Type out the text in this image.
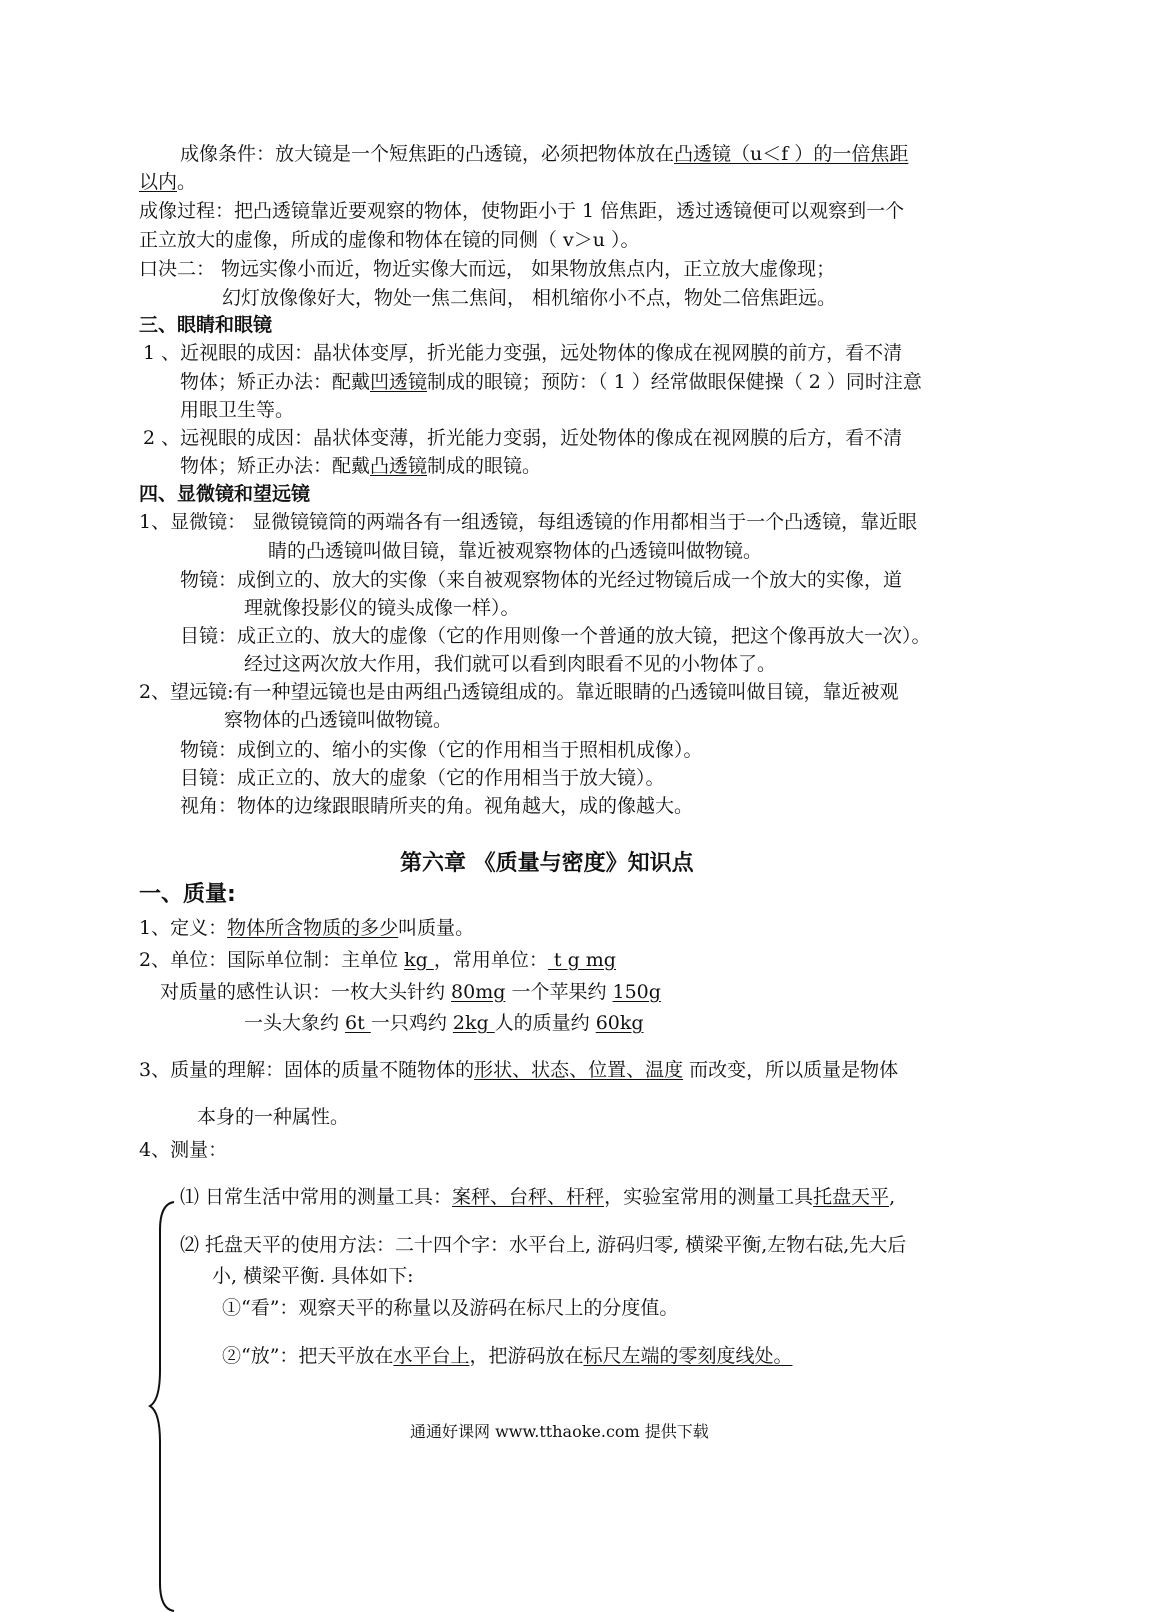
成像条件：放大镜是一个短焦距的凸透镜，必须把物体放在凸透镜（u＜f ）的一倍焦距
以内。
成像过程：把凸透镜靠近要观察的物体，使物距小于 1 倍焦距，透过透镜便可以观察到一个
正立放大的虚像，所成的虚像和物体在镜的同侧（ v＞u ）。
口决二： 物远实像小而近，物近实像大而远， 如果物放焦点内，正立放大虚像现；
幻灯放像像好大，物处一焦二焦间， 相机缩你小不点，物处二倍焦距远。
三、眼睛和眼镜
1 、近视眼的成因：晶状体变厚，折光能力变强，远处物体的像成在视网膜的前方，看不清
物体；矫正办法：配戴凹透镜制成的眼镜；预防：（ 1 ）经常做眼保健操（ 2 ）同时注意
用眼卫生等。
2 、远视眼的成因：晶状体变薄，折光能力变弱，近处物体的像成在视网膜的后方，看不清
物体；矫正办法：配戴凸透镜制成的眼镜。
四、显微镜和望远镜
1、显微镜： 显微镜镜筒的两端各有一组透镜，每组透镜的作用都相当于一个凸透镜，靠近眼
睛的凸透镜叫做目镜，靠近被观察物体的凸透镜叫做物镜。
物镜：成倒立的、放大的实像（来自被观察物体的光经过物镜后成一个放大的实像，道
理就像投影仪的镜头成像一样）。
目镜：成正立的、放大的虚像（它的作用则像一个普通的放大镜，把这个像再放大一次）。
经过这两次放大作用，我们就可以看到肉眼看不见的小物体了。
2、望远镜:有一种望远镜也是由两组凸透镜组成的。靠近眼睛的凸透镜叫做目镜，靠近被观
察物体的凸透镜叫做物镜。
物镜：成倒立的、缩小的实像（它的作用相当于照相机成像）。
目镜：成正立的、放大的虚象（它的作用相当于放大镜）。
视角：物体的边缘跟眼睛所夹的角。视角越大，成的像越大。
第六章 《质量与密度》知识点
一、质量:
1、定义：物体所含物质的多少叫质量。
2、单位：国际单位制：主单位 kg ，常用单位： t g mg
对质量的感性认识：一枚大头针约 80mg 一个苹果约 150g
一头大象约 6t 一只鸡约 2kg 人的质量约 60kg
3、质量的理解：固体的质量不随物体的形状、状态、位置、温度 而改变，所以质量是物体
本身的一种属性。
4、测量：
⑴ 日常生活中常用的测量工具：案秤、台秤、杆秤，实验室常用的测量工具托盘天平,
⑵ 托盘天平的使用方法：二十四个字：水平台上, 游码归零, 横梁平衡,左物右砝,先大后
小, 横梁平衡. 具体如下:
①“看”：观察天平的称量以及游码在标尺上的分度值。
②“放”：把天平放在水平台上，把游码放在标尺左端的零刻度线处。
通通好课网 www.tthaoke.com 提供下载
